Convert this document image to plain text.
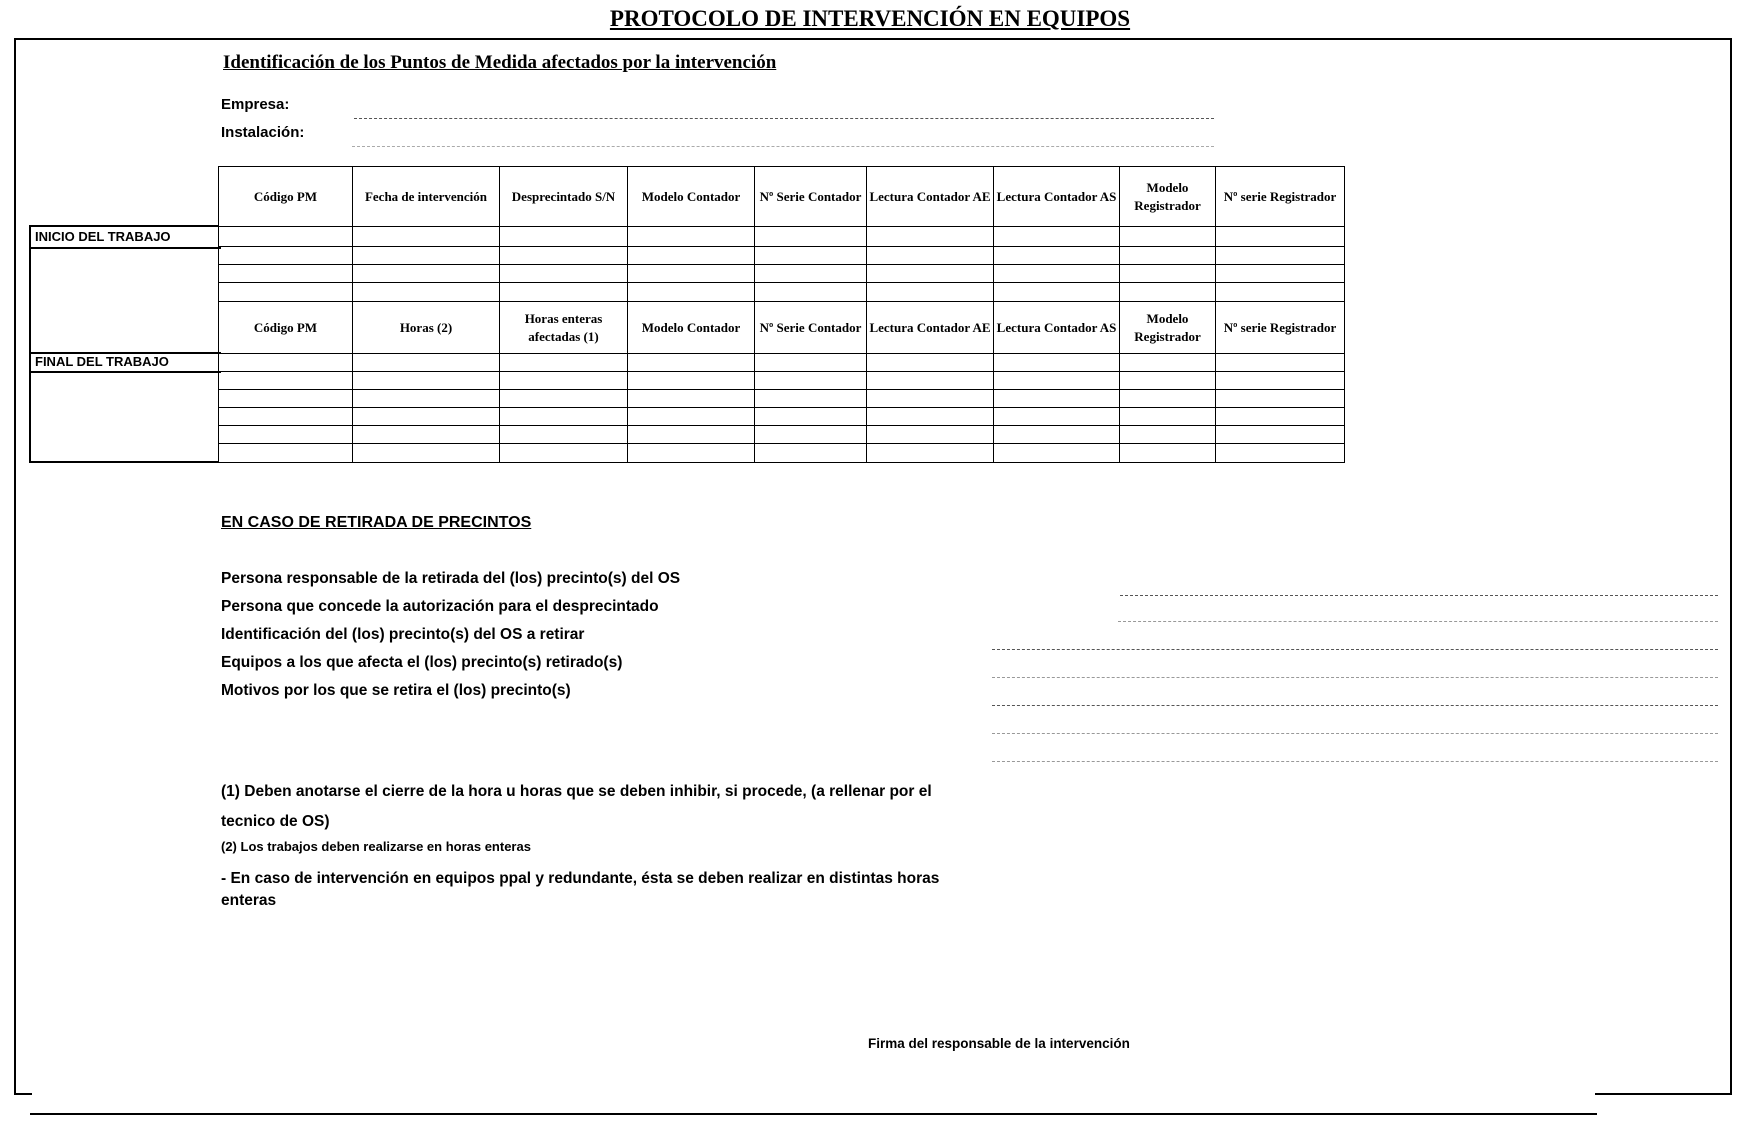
PROTOCOLO DE INTERVENCIÓN EN EQUIPOS
Identificación de los Puntos de Medida afectados por la intervención
Empresa:
Instalación:
INICIO DEL TRABAJO
FINAL DEL TRABAJO
Código PM	Fecha de intervención	Desprecintado S/N	Modelo Contador	Nº Serie Contador	Lectura Contador AE	Lectura Contador AS	Modelo Registrador	Nº serie Registrador

Código PM	Horas (2)	Horas enteras afectadas (1)	Modelo Contador	Nº Serie Contador	Lectura Contador AE	Lectura Contador AS	Modelo Registrador	Nº serie Registrador

EN CASO DE RETIRADA DE PRECINTOS
Persona responsable de la retirada del (los) precinto(s) del OS
Persona que concede la autorización para el desprecintado
Identificación del (los) precinto(s) del OS a retirar
Equipos a los que afecta el (los) precinto(s) retirado(s)
Motivos por los que se retira el (los) precinto(s)
(1) Deben anotarse el cierre de la hora u horas que se deben inhibir, si procede, (a rellenar por el tecnico de OS)
(2) Los trabajos deben realizarse en horas enteras
- En caso de intervención en equipos ppal y redundante, ésta se deben realizar en distintas horas enteras
Firma del responsable de la intervención
